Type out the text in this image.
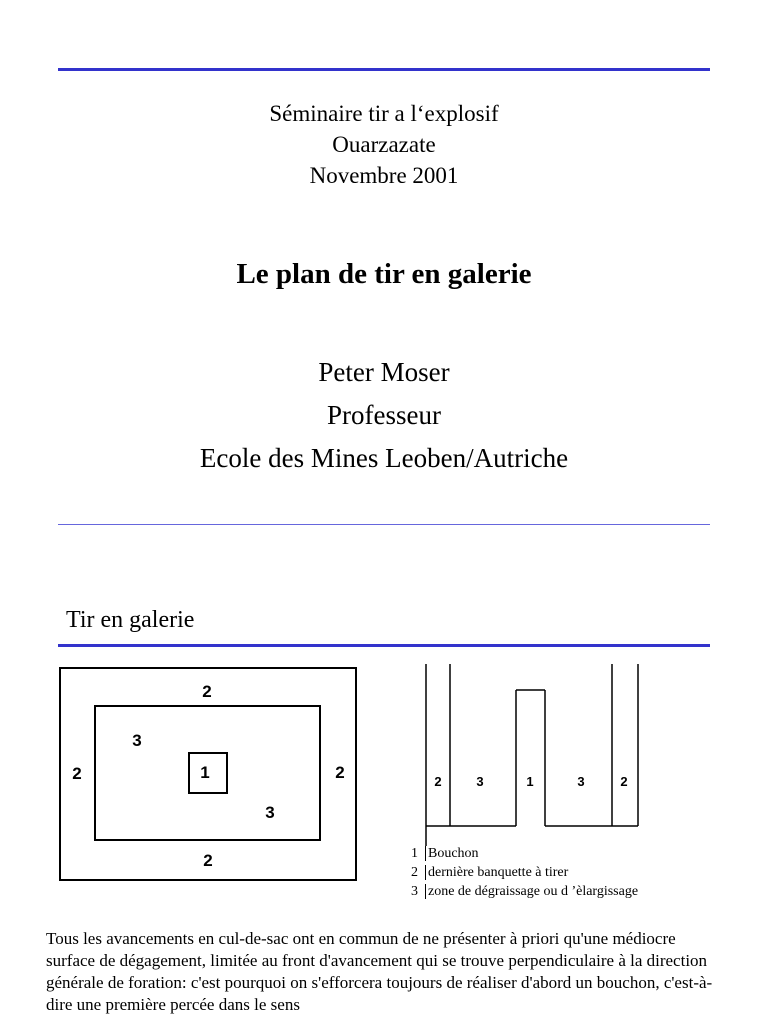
Séminaire tir a l‘explosif
Ouarzazate
Novembre 2001
Le plan de tir en galerie
Peter Moser
Professeur
Ecole des Mines Leoben/Autriche
Tir en galerie
2
2	2
2
3
3
1	2	3	1	3	2
1 Bouchon
2 dernière banquette à tirer
3 zone de dégraissage ou d ’èlargissage
Tous les avancements en cul-de-sac ont en commun de ne présenter à priori qu'une médiocre surface de dégagement, limitée au front d'avancement qui se trouve perpendiculaire à la direction générale de foration: c'est pourquoi on s'efforcera toujours de réaliser d'abord un bouchon, c'est-à-dire une première percée dans le sens
